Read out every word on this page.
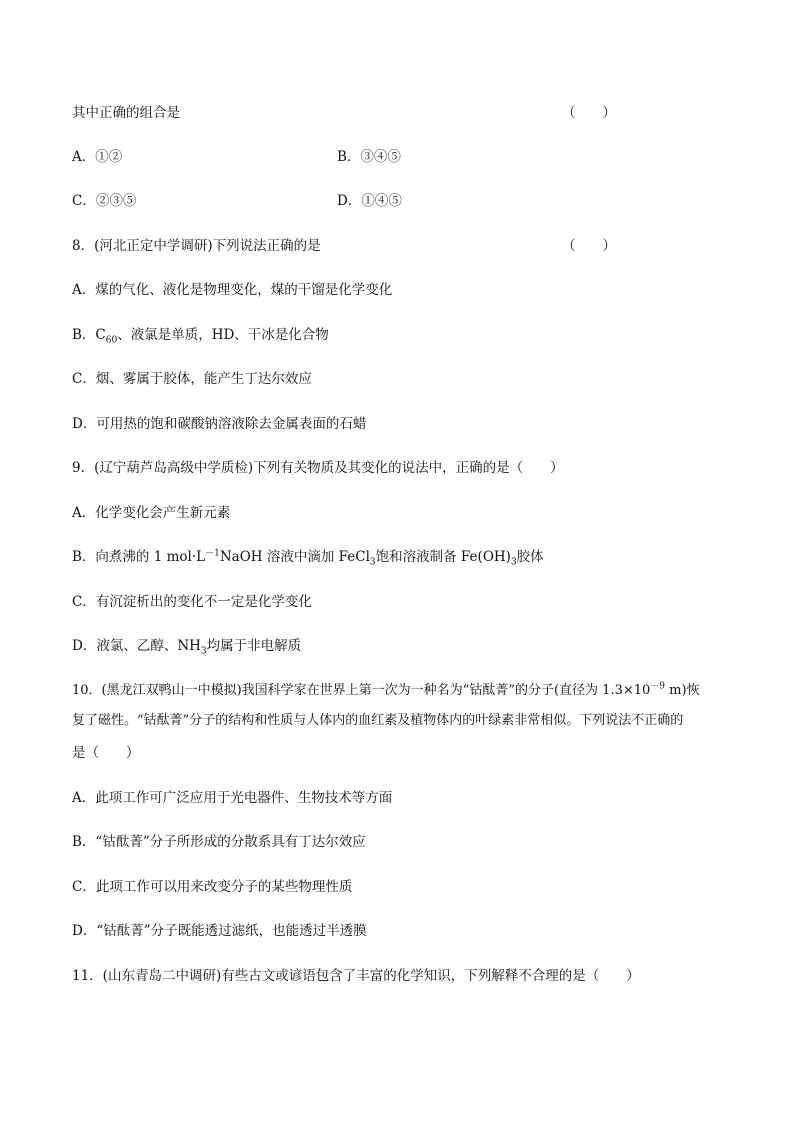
其中正确的组合是	（　　）
A．①②	B．③④⑤
C．②③⑤	D．①④⑤
8．(河北正定中学调研)下列说法正确的是	（　　）
A．煤的气化、液化是物理变化，煤的干馏是化学变化
B．$C_{60}$、液氯是单质，HD、干冰是化合物
C．烟、雾属于胶体，能产生丁达尔效应
D．可用热的饱和碳酸钠溶液除去金属表面的石蜡
9．(辽宁葫芦岛高级中学质检)下列有关物质及其变化的说法中，正确的是（　　）
A．化学变化会产生新元素
B．向煮沸的 1 $mol\cdot L^{-1}NaOH$ 溶液中滴加 FeCl$_3$饱和溶液制备 $Fe(OH)_3$胶体
C．有沉淀析出的变化不一定是化学变化
D．液氯、乙醇、$NH_3$均属于非电解质
10．(黑龙江双鸭山一中模拟)我国科学家在世界上第一次为一种名为“钴酞菁”的分子(直径为 $1.3\times 10^{-9}$ m)恢
复了磁性。“钴酞菁”分子的结构和性质与人体内的血红素及植物体内的叶绿素非常相似。下列说法不正确的
是（　　）
A．此项工作可广泛应用于光电器件、生物技术等方面
B．“钴酞菁”分子所形成的分散系具有丁达尔效应
C．此项工作可以用来改变分子的某些物理性质
D．“钴酞菁”分子既能透过滤纸，也能透过半透膜
11．(山东青岛二中调研)有些古文或谚语包含了丰富的化学知识，下列解释不合理的是（　　）
